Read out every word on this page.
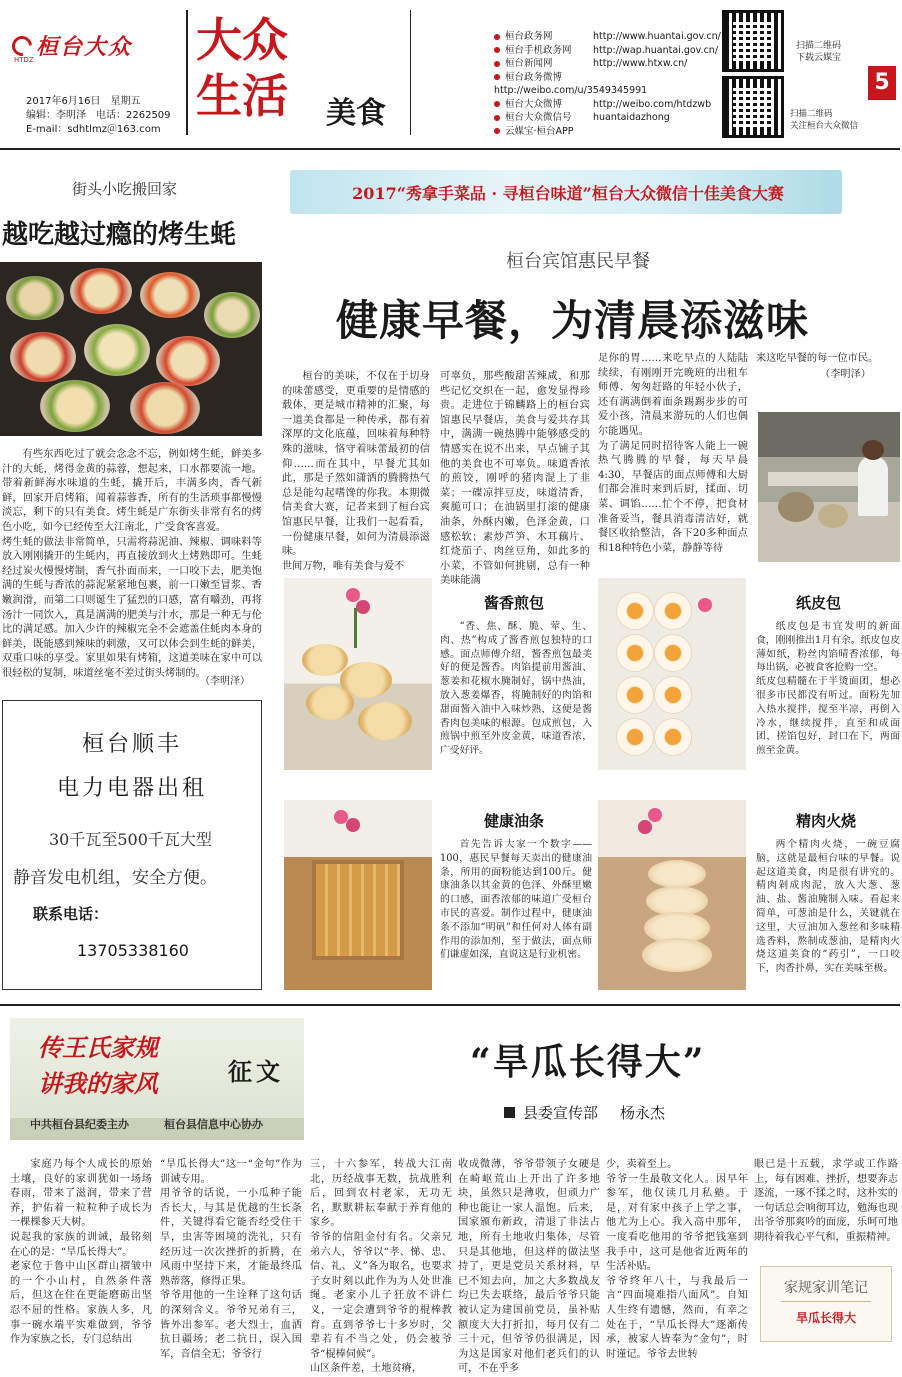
桓台大众
HTDZ
2017年6月16日　星期五
编辑：李明泽　电话：2262509
E-mail：sdhtlmz＠163.com
大众
生活 美食
桓台政务网	http://www.huantai.gov.cn/
桓台手机政务网 http://wap.huantai.gov.cn/
桓台新闻网	http://www.htxw.cn/
桓台政务微博http://weibo.com/u/3549345991
桓台大众微博	http://weibo.com/htdzwb
桓台大众微信号 huantaidazhong
云媒宝·桓台APP
扫描二维码
下载云媒宝
扫描二维码
关注桓台大众微信
5
街头小吃搬回家
越吃越过瘾的烤生蚝
有些东西吃过了就会念念不忘，例如烤生蚝，鲜美多汁的大蚝，烤得金黄的蒜蓉，想起来，口水都要流一地。带着新鲜海水味道的生蚝，撬开后，丰满多肉，香气新鲜，回家开启烤箱，闻着蒜蓉香，所有的生活琐事都慢慢淡忘，剩下的只有美食。烤生蚝是广东街头非常有名的烤色小吃，如今已经传至大江南北，广受食客喜爱。
烤生蚝的做法非常简单，只需将蒜泥油、辣椒、调味料等放入刚刚撬开的生蚝内，再直接放到火上烤熟即可。生蚝经过炭火慢慢烤制，香气扑面而来，一口咬下去，肥美饱满的生蚝与香浓的蒜泥紧紧地包裹，前一口嫩至冒浆、香嫩润滑，而第二口则诞生了猛烈的口感，富有嚼劲，再将汤汁一同饮入，真是满满的肥美与汁水，那是一种无与伦比的满足感。加入少许的辣椒完全不会遮盖住蚝肉本身的鲜美，既能感到辣味的刺激，又可以体会到生蚝的鲜美，双重口味的享受。家里如果有烤箱，这道美味在家中可以很轻松的复制，味道丝毫不差过街头烤制的。
（李明泽）
桓台顺丰
电力电器出租
30千瓦至500千瓦大型
静音发电机组，安全方便。
联系电话：
13705338160
2017“秀拿手菜品 · 寻桓台味道”桓台大众微信十佳美食大赛
桓台宾馆惠民早餐
健康早餐，为清晨添滋味
桓台的美味，不仅在于切身的味蕾感受，更重要的是情感的载体，更是城市精神的汇聚，每一道美食都是一种传承，都有着深厚的文化底蕴，回味着每种特殊的滋味，恪守着味蕾最初的信仰……而在其中，早餐尤其如此，那是子然如潇洒的腾腾热气总是能勾起嗜馋的你我。本期微信美食大赛，记者来到了桓台宾馆惠民早餐，让我们一起看看，一份健康早餐，如何为清晨添滋味。
世间万物，唯有美食与爱不
可辜负，那些酸甜苦辣咸，和那些记忆交织在一起，愈发显得珍贵。走进位于锦麟路上的桓台宾馆惠民早餐店，美食与爱共存其中，满满一碗热腾中能够感受的情感实在说不出来，早点铺子其他的美食也不可辜负。味道香浓的煎饺，刚呼的猪肉混上了韭菜；一碟凉拌豆皮，味道清香，爽脆可口；在油锅里打滚的健康油条，外酥内嫩，色泽金黄，口感松软；素炒芦笋、木耳藕片、红烧茄子、肉丝豆角，如此多的小菜，不管如何挑剔，总有一种美味能满
足你的胃……来吃早点的人陆陆续续，有刚刚开完晚班的出租车师傅、匆匆赶路的年轻小伙子，还有满满倒着面条踢踢步步的可爱小孩，清晨来游玩的人们也偶尔能遇见。
为了满足同时招待客人能上一碗热气腾腾的早餐，每天早晨4:30，早餐店的面点师傅和大厨们都会准时来到后厨，揉面、切菜、调馅……忙个不停，把食材准备妥当，餐具消毒清洁好，就餐区收拾整洁，各下20多种面点和18种特色小菜，静静等待
来这吃早餐的每一位市民。
（李明泽）
酱香煎包
“香、焦、酥、脆、荤、生、肉、热”构成了酱香煎包独特的口感。面点师傅介绍，酱香煎包最美好的便是酱香。肉馅提前用酱油、葱姜和花椒水腌制好，锅中热油，放入葱姜爆香，将腌制好的肉馅和甜面酱入油中入味炒熟，这便是酱香肉包美味的根源。包成煎包，入煎锅中煎至外皮金黄，味道香浓，广受好评。
纸皮包
纸皮包是韦宜发明的新面食，刚刚推出1月有余。纸皮包皮薄如纸，粉丝肉馅晴香浓郁，每每出锅，必被食客抢购一空。
纸皮包精髓在于半烫面团，想必很多市民都没有听过。面粉先加入热水搅拌，搅至半凉，再倒入冷水，继续搅拌，直至和成面团，搓馅包好，封口在下，两面煎至金黄。
健康油条
首先告诉大家一个数字——100，惠民早餐每天卖出的健康油条，所用的面粉能达到100斤。健康油条以其金黄的色泽、外酥里嫩的口感，面香浓郁的味道广受桓台市民的喜爱。制作过程中，健康油条不添加“明矾”和任何对人体有副作用的添加剂，至于做法，面点师们谦虚如深，直说这是行业机密。
精肉火烧
两个精肉火烧，一碗豆腐脑，这就是最桓台味的早餐。说起这道美食，肉是很有讲究的。精肉剁成肉泥，放入大葱、葱油、盐、酱油腌制入味。看起来简单，可葱油是什么，关键就在这里，大豆油加入葱丝和多味精选香料，熬制成葱油，是精肉火烧这道美食的“药引”，一口咬下，肉香扑鼻，实在美味至极。
传王氏家规
讲我的家风	征文
中共桓台县纪委主办	桓台县信息中心协办
“旱瓜长得大”
县委宣传部 杨永杰
家庭乃每个人成长的原始土壤，良好的家训犹如一场场春雨，带来了滋润，带来了营养，护佑着一粒粒种子成长为一棵棵参天大树。
说起我的家族的训诫，最铭刻在心的是：“旱瓜长得大”。
老家位于鲁中山区群山褶皱中的一个小山村，自然条件落后，但这在住在更能磨砺出坚忍不屈的性格。家族人多，凡事一碗水端平实难做到，爷爷作为家族之长，专门总结出
“旱瓜长得大”这一“金句”作为训诫专用。
用爷爷的话说，一小瓜种子能否长大，与其是优越的生长条件，关键得看它能否经受住干旱，虫害等困境的洗礼，只有经历过一次次挫折的折腾，在风雨中坚持下来，才能最终瓜熟蒂落，修得正果。
爷爷用他的一生诠释了这句话的深刻含义。爷爷兄弟有三，皆外出参军。老大烈士，血洒抗日疆场；老二抗日，误入国军，音信全无；爷爷行
三，十六参军，转战大江南北，历经战事无数，抗战胜利后，回到农村老家，无功无名，默默耕耘奉献于养育他的家乡。
爷爷的信阻金付有名。父亲兄弟六人，爷爷以“孝、悌、忠、信、礼、义”各为取名，也要求子女时刻以此作为为人处世准绳。老家小儿子狂放不讲仁义，一定会遭到爷爷的棍棒教育。直到爷爷七十多岁时，父辈若有不当之处，仍会被爷爷“棍棒伺候”。
山区条件差，土地贫瘠，
收成微薄，爷爷带领子女硬是在崎岖荒山上开出了许多地块，虽然只是薄收，但顽力广种也能让一家人温饱。后来，国家颁布新政，清退了非法占地，所有土地收归集体，尽管只是其他地，但这样的做法坚持了，更是党员关系材料，早已不知去向，加之大多数战友均已失去联络，最后爷爷只能被认定为建国前党员，虽补贴额度大大打折扣，每月仅有二三十元，但爷爷仍很满足，因为这是国家对他们老兵们的认可，不在乎多
少，卖着至上。
爷爷一生最敬文化人。因早年参军，他仅读几月私塾。于是，对有家中孩子上学之事，他尤为上心。我入高中那年，一度看吃他用的爷爷把钱塞到我手中，这可是他省近两年的生活补贴。
爷爷终年八十，与我最后一言“四面境难指八面风”。自知人生终有遗憾，然而，有幸之处在于，“旱瓜长得大”逐渐传承，被家人皆奉为“金句”，时时谨记。爷爷去世转
眼已是十五载，求学或工作路上，每有困难、挫折，想要奔志逐流，一琢不揉之时，这朴实的一句话总会响彻耳边，勉海也现出爷爷那爽吟的面庞，乐呵可地期待着我心平气和，重振精神。
家规家训笔记
旱瓜长得大
